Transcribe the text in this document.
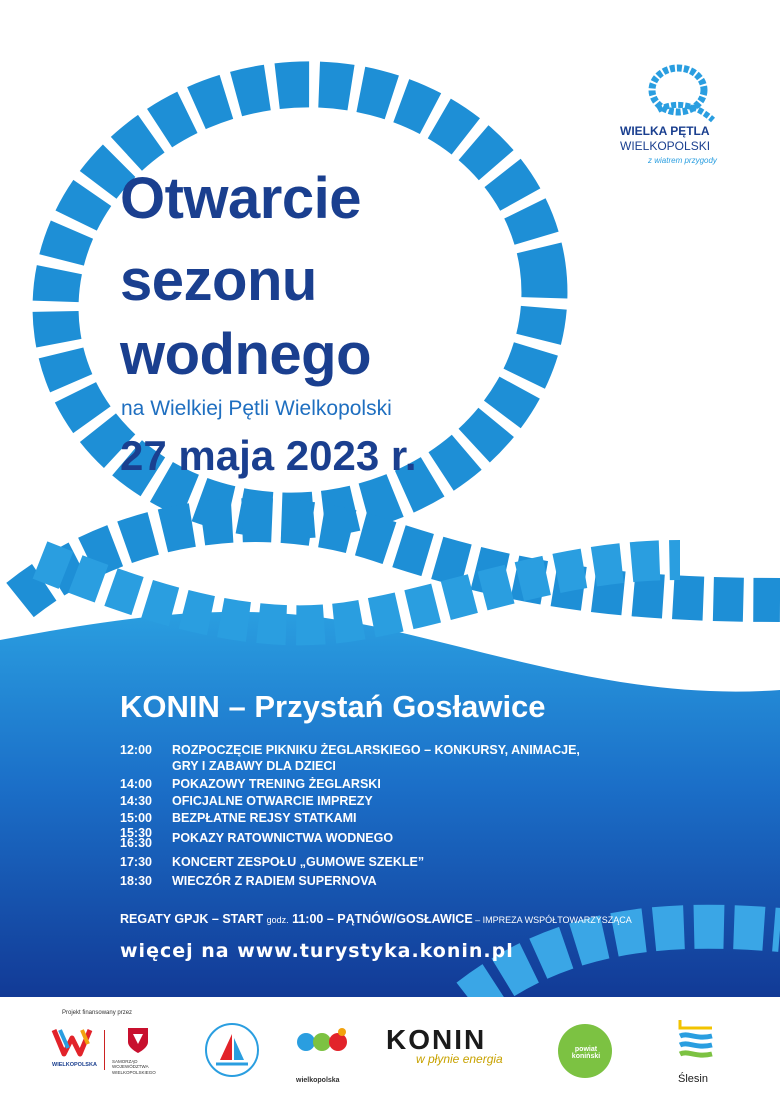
WIELKA PĘTLA
WIELKOPOLSKI
z wiatrem przygody
Otwarcie
sezonu
wodnego
na Wielkiej Pętli Wielkopolski
27 maja 2023 r.
KONIN – Przystań Gosławice
12:00 ROZPOCZĘCIE PIKNIKU ŻEGLARSKIEGO – KONKURSY, ANIMACJE,
GRY I ZABAWY DLA DZIECI
14:00 POKAZOWY TRENING ŻEGLARSKI
14:30 OFICJALNE OTWARCIE IMPREZY
15:00 BEZPŁATNE REJSY STATKAMI
15:30
16:30	POKAZY RATOWNICTWA WODNEGO
17:30 KONCERT ZESPOŁU „GUMOWE SZEKLE”
18:30 WIECZÓR Z RADIEM SUPERNOVA
REGATY GPJK – START godz. 11:00 – PĄTNÓW/GOSŁAWICE – IMPREZA WSPÓŁTOWARZYSZĄCA
więcej na www.turystyka.konin.pl
Projekt finansowany przez
WIELKOPOLSKA
SAMORZĄD WOJEWÓDZTWA WIELKOPOLSKIEGO
wielkopolska
KONIN
w płynie energia
powiat koniński
Ślesin
